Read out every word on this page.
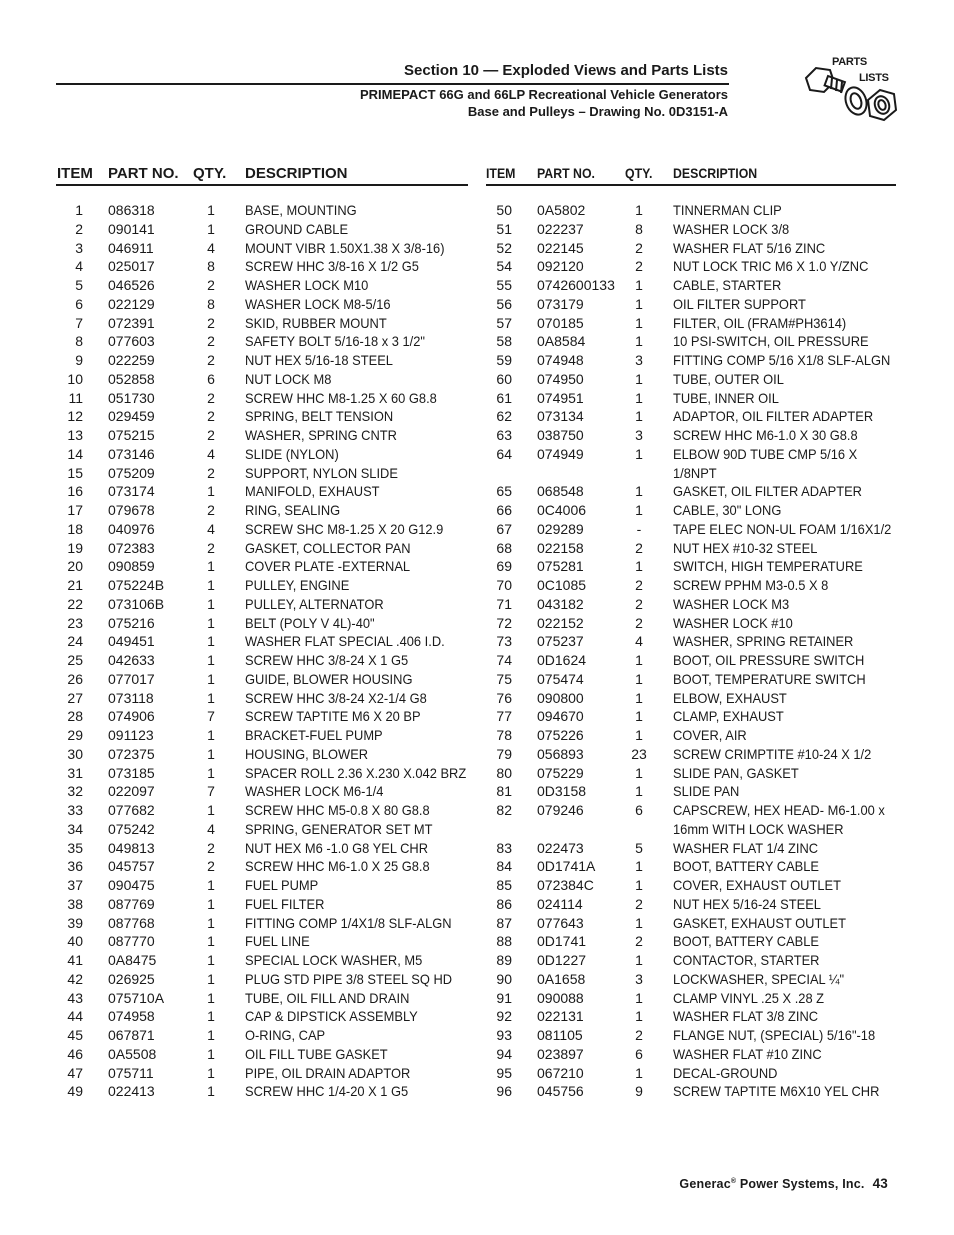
Section 10 — Exploded Views and Parts Lists
PRIMEPACT 66G and 66LP Recreational Vehicle Generators
Base and Pulleys – Drawing No. 0D3151-A
PARTS
LISTS
ITEM PART NO. QTY. DESCRIPTION
1 086318	1	BASE, MOUNTING
2 090141	1	GROUND CABLE
3 046911	4	MOUNT VIBR 1.50X1.38 X 3/8-16)
4 025017	8	SCREW HHC 3/8-16 X 1/2 G5
5 046526	2	WASHER LOCK M10
6 022129	8	WASHER LOCK M8-5/16
7 072391	2	SKID, RUBBER MOUNT
8 077603	2	SAFETY BOLT 5/16-18 x 3 1/2"
9 022259	2	NUT HEX 5/16-18 STEEL
10 052858	6	NUT LOCK M8
11 051730	2	SCREW HHC M8-1.25 X 60 G8.8
12 029459	2	SPRING, BELT TENSION
13 075215	2	WASHER, SPRING CNTR
14 073146	4	SLIDE (NYLON)
15 075209	2	SUPPORT, NYLON SLIDE
16 073174	1	MANIFOLD, EXHAUST
17 079678	2	RING, SEALING
18 040976	4	SCREW SHC M8-1.25 X 20 G12.9
19 072383	2	GASKET, COLLECTOR PAN
20 090859	1	COVER PLATE -EXTERNAL
21 075224B	1	PULLEY, ENGINE
22 073106B	1	PULLEY, ALTERNATOR
23 075216	1	BELT (POLY V 4L)-40"
24 049451	1	WASHER FLAT SPECIAL .406 I.D.
25 042633	1	SCREW HHC 3/8-24 X 1 G5
26 077017	1	GUIDE, BLOWER HOUSING
27 073118	1	SCREW HHC 3/8-24 X2-1/4 G8
28 074906	7	SCREW TAPTITE M6 X 20 BP
29 091123	1	BRACKET-FUEL PUMP
30 072375	1	HOUSING, BLOWER
31 073185	1	SPACER ROLL 2.36 X.230 X.042 BRZ
32 022097	7	WASHER LOCK M6-1/4
33 077682	1	SCREW HHC M5-0.8 X 80 G8.8
34 075242	4	SPRING, GENERATOR SET MT
35 049813	2	NUT HEX M6 -1.0 G8 YEL CHR
36 045757	2	SCREW HHC M6-1.0 X 25 G8.8
37 090475	1	FUEL PUMP
38 087769	1	FUEL FILTER
39 087768	1	FITTING COMP 1/4X1/8 SLF-ALGN
40 087770	1	FUEL LINE
41 0A8475	1	SPECIAL LOCK WASHER, M5
42 026925	1	PLUG STD PIPE 3/8 STEEL SQ HD
43 075710A	1	TUBE, OIL FILL AND DRAIN
44 074958	1	CAP & DIPSTICK ASSEMBLY
45 067871	1	O-RING, CAP
46 0A5508	1	OIL FILL TUBE GASKET
47 075711	1	PIPE, OIL DRAIN ADAPTOR
49 022413	1	SCREW HHC 1/4-20 X 1 G5
ITEM PART NO. QTY. DESCRIPTION
50 0A5802	1	TINNERMAN CLIP
51 022237	8	WASHER LOCK 3/8
52 022145	2	WASHER FLAT 5/16 ZINC
54 092120	2	NUT LOCK TRIC M6 X 1.0 Y/ZNC
55 0742600133	1	CABLE, STARTER
56 073179	1	OIL FILTER SUPPORT
57 070185	1	FILTER, OIL (FRAM#PH3614)
58 0A8584	1	10 PSI-SWITCH, OIL PRESSURE
59 074948	3	FITTING COMP 5/16 X1/8 SLF-ALGN
60 074950	1	TUBE, OUTER OIL
61 074951	1	TUBE, INNER OIL
62 073134	1	ADAPTOR, OIL FILTER ADAPTER
63 038750	3	SCREW HHC M6-1.0 X 30 G8.8
64 074949	1	ELBOW 90D TUBE CMP 5/16 X
1/8NPT
65 068548	1	GASKET, OIL FILTER ADAPTER
66 0C4006	1	CABLE, 30" LONG
67 029289	-	TAPE ELEC NON-UL FOAM 1/16X1/2
68 022158	2	NUT HEX #10-32 STEEL
69 075281	1	SWITCH, HIGH TEMPERATURE
70 0C1085	2	SCREW PPHM M3-0.5 X 8
71 043182	2	WASHER LOCK M3
72 022152	2	WASHER LOCK #10
73 075237	4	WASHER, SPRING RETAINER
74 0D1624	1	BOOT, OIL PRESSURE SWITCH
75 075474	1	BOOT, TEMPERATURE SWITCH
76 090800	1	ELBOW, EXHAUST
77 094670	1	CLAMP, EXHAUST
78 075226	1	COVER, AIR
79 056893	23 SCREW CRIMPTITE #10-24 X 1/2
80 075229	1	SLIDE PAN, GASKET
81 0D3158	1	SLIDE PAN
82 079246	6	CAPSCREW, HEX HEAD- M6-1.00 x
16mm WITH LOCK WASHER
83 022473	5	WASHER FLAT 1/4 ZINC
84 0D1741A	1	BOOT, BATTERY CABLE
85 072384C	1	COVER, EXHAUST OUTLET
86 024114	2	NUT HEX 5/16-24 STEEL
87 077643	1	GASKET, EXHAUST OUTLET
88 0D1741	2	BOOT, BATTERY CABLE
89 0D1227	1	CONTACTOR, STARTER
90 0A1658	3	LOCKWASHER, SPECIAL ¼"
91 090088	1	CLAMP VINYL .25 X .28 Z
92 022131	1	WASHER FLAT 3/8 ZINC
93 081105	2	FLANGE NUT, (SPECIAL) 5/16"-18
94 023897	6	WASHER FLAT #10 ZINC
95 067210	1	DECAL-GROUND
96 045756	9	SCREW TAPTITE M6X10 YEL CHR
Generac® Power Systems, Inc. 43
